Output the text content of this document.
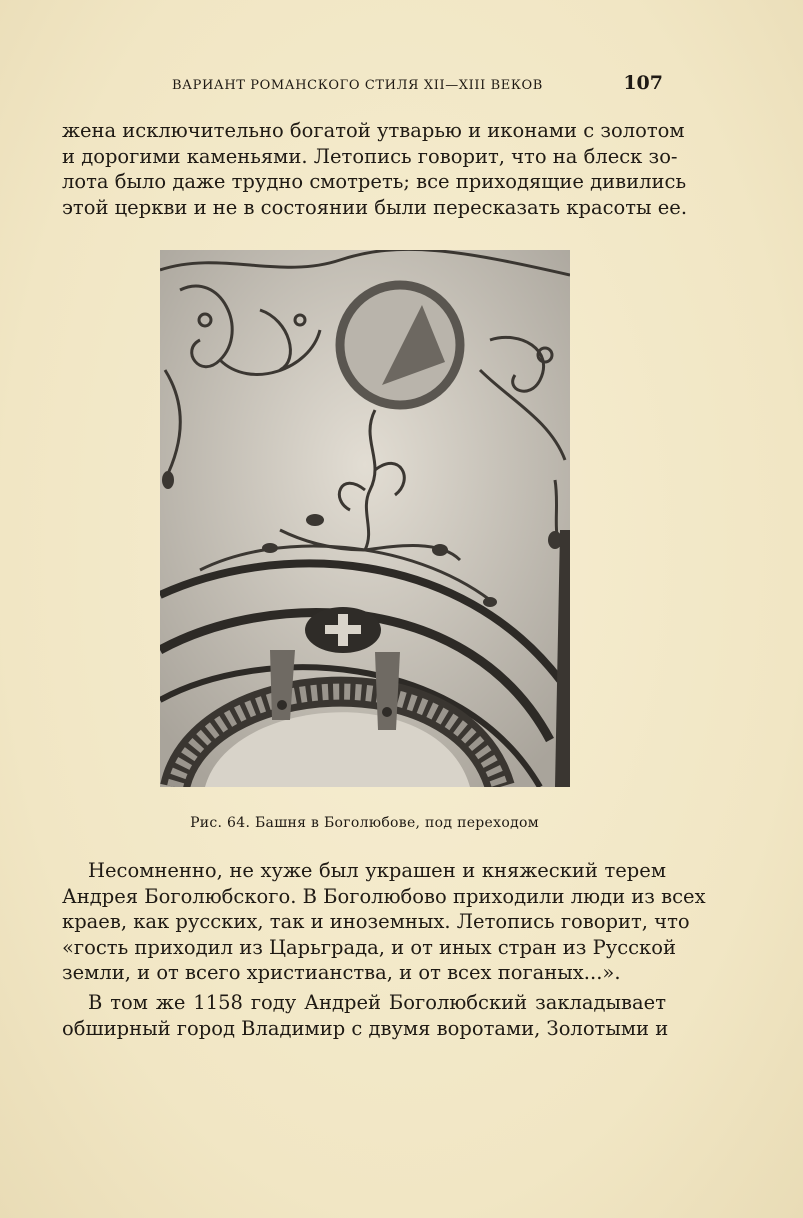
ВАРИАНТ РОМАНСКОГО СТИЛЯ XII—XIII ВЕКОВ	107
жена исключительно богатой утварью и иконами с золотом
и дорогими каменьями. Летопись говорит, что на блеск зо-
лота было даже трудно смотреть; все приходящие дивились
этой церкви и не в состоянии были пересказать красоты ее.
Рис. 64. Башня в Боголюбове, под переходом
Несомненно, не хуже был украшен и княжеский терем
Андрея Боголюбского. В Боголюбово приходили люди из всех
краев, как русских, так и иноземных. Летопись говорит, что
«гость приходил из Царьграда, и от иных стран из Русской
земли, и от всего христианства, и от всех поганых...».
В том же 1158 году Андрей Боголюбский закладывает
обширный город Владимир с двумя воротами, Золотыми и
